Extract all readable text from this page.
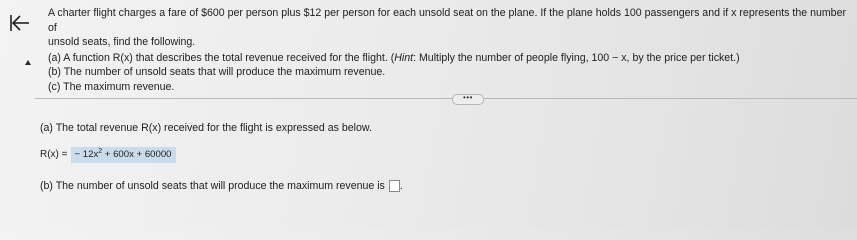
A charter flight charges a fare of $600 per person plus $12 per person for each unsold seat on the plane. If the plane holds 100 passengers and if x represents the number of

unsold seats, find the following.

(a) A function R(x) that describes the total revenue received for the flight. (Hint: Multiply the number of people flying, 100 − x, by the price per ticket.)

(b) The number of unsold seats that will produce the maximum revenue.

(c) The maximum revenue.

•••
(a) The total revenue R(x) received for the flight is expressed as below.
R(x) = − $12x^2 + 600x + 60000$
(b) The number of unsold seats that will produce the maximum revenue is .
